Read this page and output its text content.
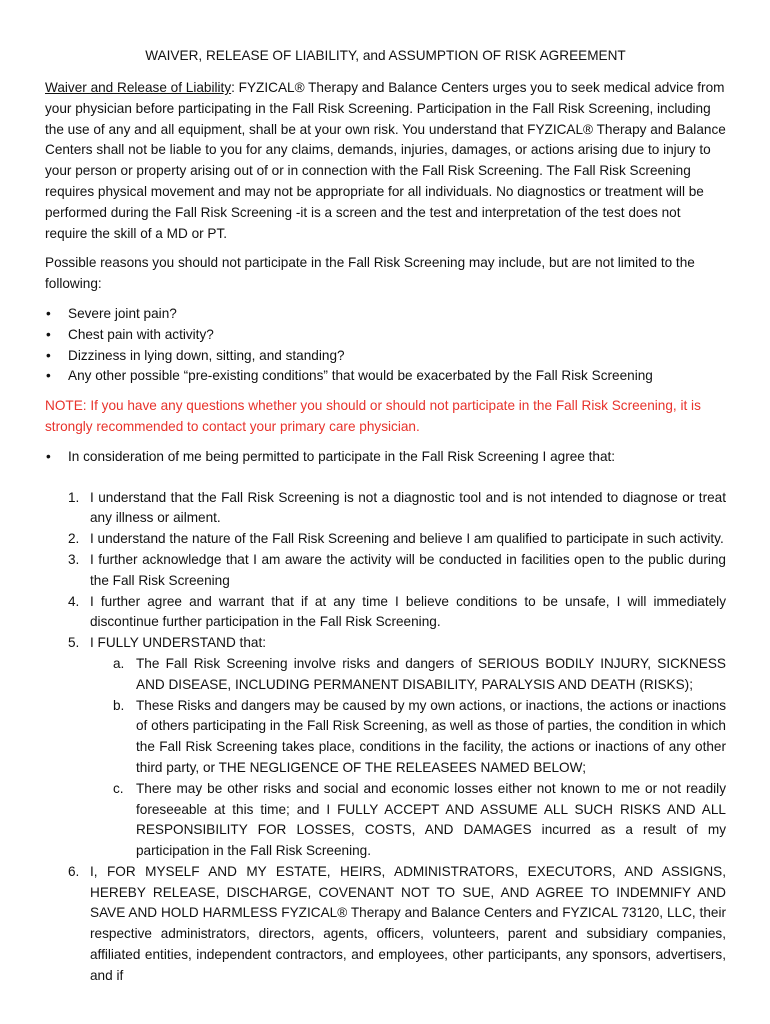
WAIVER, RELEASE OF LIABILITY, and ASSUMPTION OF RISK AGREEMENT

Waiver and Release of Liability: FYZICAL® Therapy and Balance Centers urges you to seek medical advice from your physician before participating in the Fall Risk Screening. Participation in the Fall Risk Screening, including the use of any and all equipment, shall be at your own risk. You understand that FYZICAL® Therapy and Balance Centers shall not be liable to you for any claims, demands, injuries, damages, or actions arising due to injury to your person or property arising out of or in connection with the Fall Risk Screening. The Fall Risk Screening requires physical movement and may not be appropriate for all individuals. No diagnostics or treatment will be performed during the Fall Risk Screening -it is a screen and the test and interpretation of the test does not require the skill of a MD or PT.

Possible reasons you should not participate in the Fall Risk Screening may include, but are not limited to the following:

• Severe joint pain?
• Chest pain with activity?
• Dizziness in lying down, sitting, and standing?
• Any other possible “pre-existing conditions” that would be exacerbated by the Fall Risk Screening

NOTE: If you have any questions whether you should or should not participate in the Fall Risk Screening, it is strongly recommended to contact your primary care physician.

• In consideration of me being permitted to participate in the Fall Risk Screening I agree that:
1. I understand that the Fall Risk Screening is not a diagnostic tool and is not intended to diagnose or treat any illness or ailment.
2. I understand the nature of the Fall Risk Screening and believe I am qualified to participate in such activity.
3. I further acknowledge that I am aware the activity will be conducted in facilities open to the public during the Fall Risk Screening
4. I further agree and warrant that if at any time I believe conditions to be unsafe, I will immediately discontinue further participation in the Fall Risk Screening.
5. I FULLY UNDERSTAND that:
a. The Fall Risk Screening involve risks and dangers of SERIOUS BODILY INJURY, SICKNESS AND DISEASE, INCLUDING PERMANENT DISABILITY, PARALYSIS AND DEATH (RISKS);
b. These Risks and dangers may be caused by my own actions, or inactions, the actions or inactions of others participating in the Fall Risk Screening, as well as those of parties, the condition in which the Fall Risk Screening takes place, conditions in the facility, the actions or inactions of any other third party, or THE NEGLIGENCE OF THE RELEASEES NAMED BELOW;
c. There may be other risks and social and economic losses either not known to me or not readily foreseeable at this time; and I FULLY ACCEPT AND ASSUME ALL SUCH RISKS AND ALL RESPONSIBILITY FOR LOSSES, COSTS, AND DAMAGES incurred as a result of my participation in the Fall Risk Screening.
6. I, FOR MYSELF AND MY ESTATE, HEIRS, ADMINISTRATORS, EXECUTORS, AND ASSIGNS, HEREBY RELEASE, DISCHARGE, COVENANT NOT TO SUE, AND AGREE TO INDEMNIFY AND SAVE AND HOLD HARMLESS FYZICAL® Therapy and Balance Centers and FYZICAL 73120, LLC, their respective administrators, directors, agents, officers, volunteers, parent and subsidiary companies, affiliated entities, independent contractors, and employees, other participants, any sponsors, advertisers, and if
